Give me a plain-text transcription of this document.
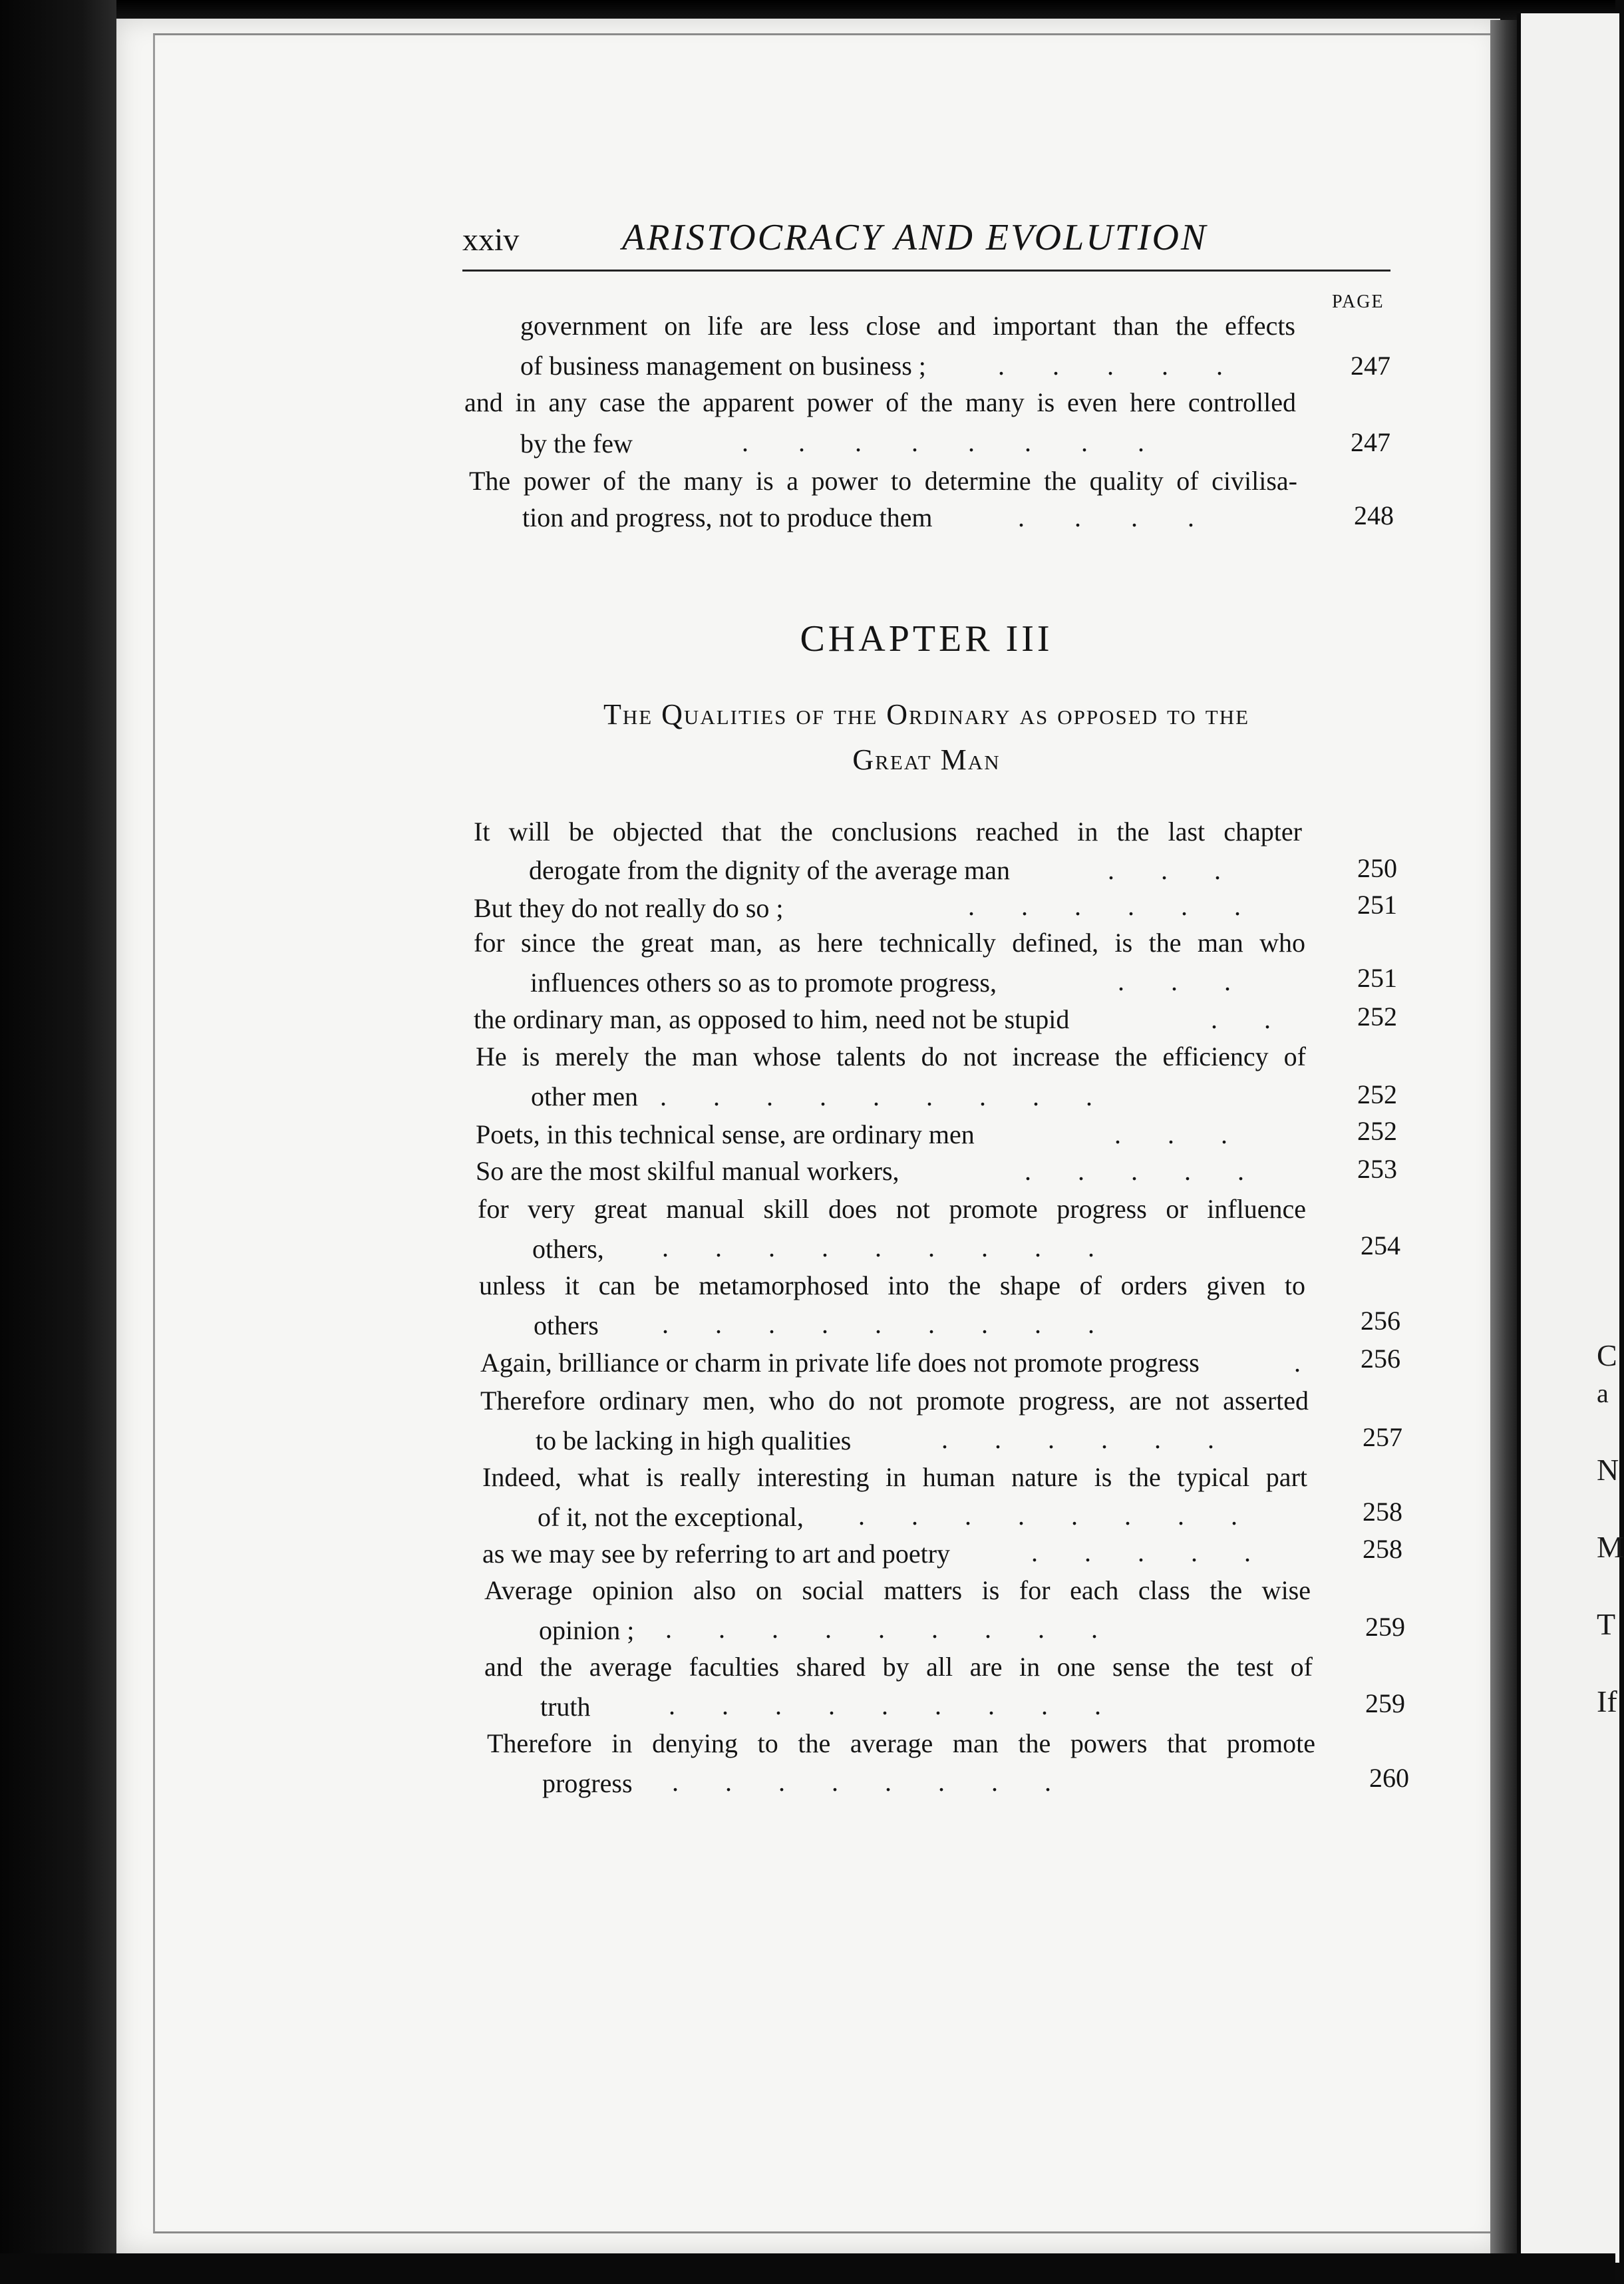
C
a
N
M
T
If
xxiv	ARISTOCRACY AND EVOLUTION
PAGE
government on life are less close and important than the effects
of business management on business ;	.....	247
and in any case the apparent power of the many is even here controlled
by the few	........	247
The power of the many is a power to determine the quality of civilisa-
tion and progress, not to produce them	....	248
CHAPTER III
The Qualities of the Ordinary as opposed to the
Great Man
It will be objected that the conclusions reached in the last chapter
derogate from the dignity of the average man	...	250
But they do not really do so ;	......	251
for since the great man, as here technically defined, is the man who
influences others so as to promote progress,	...	251
the ordinary man, as opposed to him, need not be stupid	.. 252
He is merely the man whose talents do not increase the efficiency of
other men .........	252
Poets, in this technical sense, are ordinary men	...	252
So are the most skilful manual workers,	.....	253
for very great manual skill does not promote progress or influence
others, .........	254
unless it can be metamorphosed into the shape of orders given to
others .........	256
Again, brilliance or charm in private life does not promote progress	. 256
Therefore ordinary men, who do not promote progress, are not asserted
to be lacking in high qualities	......	257
Indeed, what is really interesting in human nature is the typical part
of it, not the exceptional, ........	258
as we may see by referring to art and poetry	..... 258
Average opinion also on social matters is for each class the wise
opinion ; .........	259
and the average faculties shared by all are in one sense the test of
truth	.........	259
Therefore in denying to the average man the powers that promote
progress ........	260
